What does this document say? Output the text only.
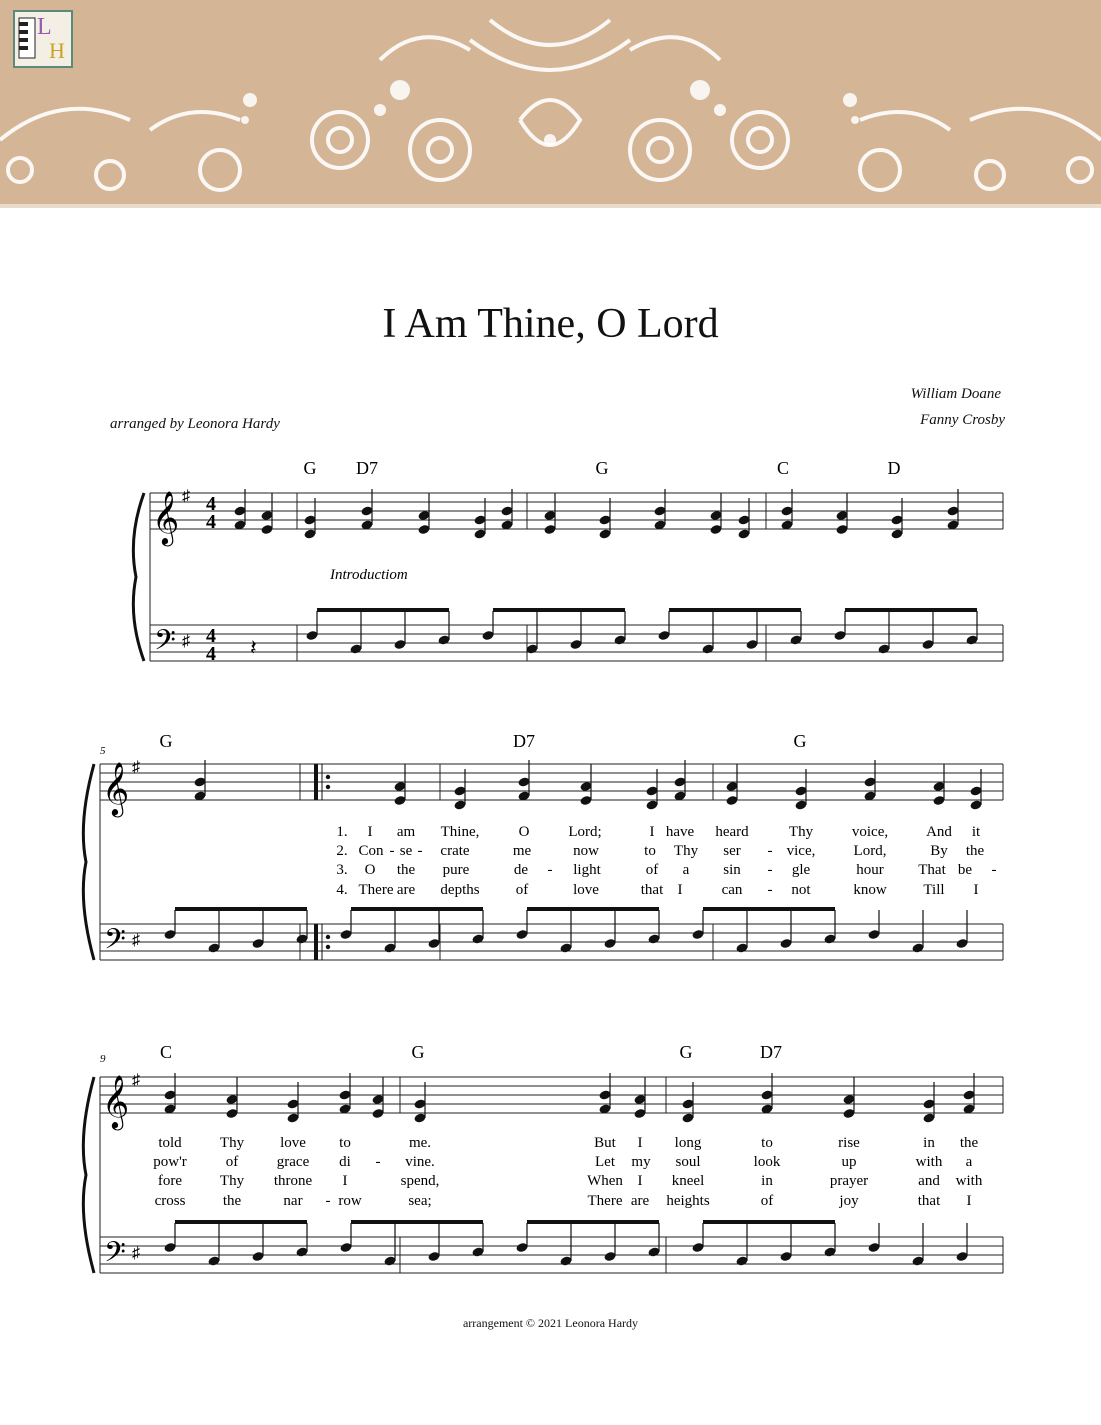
L
H
I Am Thine, O Lord
William Doane
Fanny Crosby
arranged by Leonora Hardy
𝄞
𝄢
♯
♯
4
4
4
4 𝄽
G D7	G	C	D
Introductiom
𝄞
𝄢
♯
♯
5	G	D7	G
1. I am Thine,	O	Lord;	I have heard	Thy	voice,	And it
2. Con - se - crate	me	now	to Thy ser - vice,	Lord,	By the
3. O the pure	de - light	of a sin - gle	hour That be -
4. There are depths of	love	that I	can - not	know Till I
𝄞
𝄢
♯
♯
9	C	G	G	D7
told	Thy love to	me.	But I long	to	rise	in the
pow'r	of	grace di - vine.	Let my soul	look	up	with a
fore	Thy throne I	spend,	When I kneel	in	prayer	and with
cross the	nar - row	sea;	There are heights	of	joy	that I
arrangement © 2021 Leonora Hardy
